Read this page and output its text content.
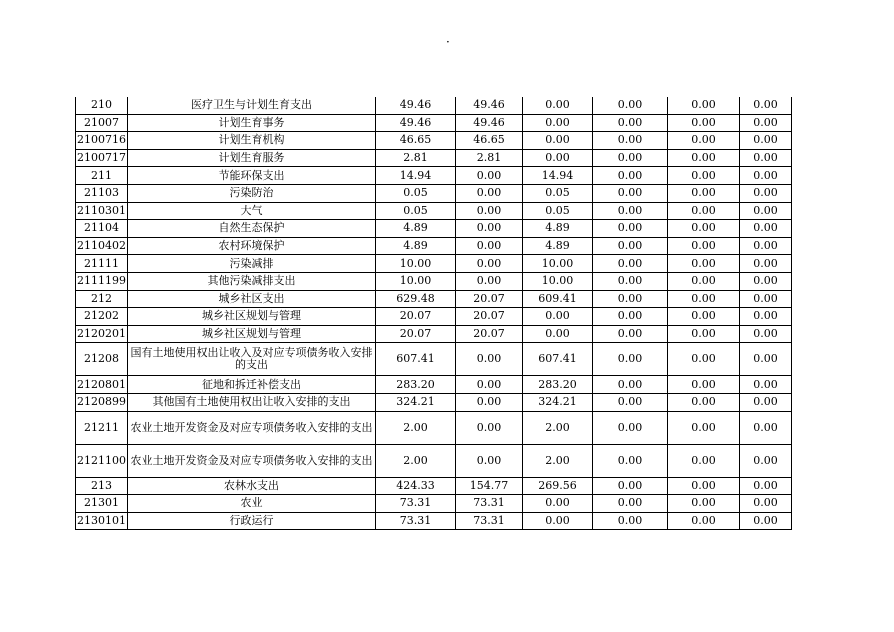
·
210	医疗卫生与计划生育支出	49.46	49.46	0.00	0.00	0.00	0.00
21007	计划生育事务	49.46	49.46	0.00	0.00	0.00	0.00
2100716	计划生育机构	46.65	46.65	0.00	0.00	0.00	0.00
2100717	计划生育服务	2.81	2.81	0.00	0.00	0.00	0.00
211	节能环保支出	14.94	0.00	14.94	0.00	0.00	0.00
21103	污染防治	0.05	0.00	0.05	0.00	0.00	0.00
2110301	大气	0.05	0.00	0.05	0.00	0.00	0.00
21104	自然生态保护	4.89	0.00	4.89	0.00	0.00	0.00
2110402	农村环境保护	4.89	0.00	4.89	0.00	0.00	0.00
21111	污染减排	10.00	0.00	10.00	0.00	0.00	0.00
2111199	其他污染减排支出	10.00	0.00	10.00	0.00	0.00	0.00
212	城乡社区支出	629.48	20.07	609.41	0.00	0.00	0.00
21202	城乡社区规划与管理	20.07	20.07	0.00	0.00	0.00	0.00
2120201	城乡社区规划与管理	20.07	20.07	0.00	0.00	0.00	0.00
21208	国有土地使用权出让收入及对应专项债务收入安排的支出	607.41	0.00	607.41	0.00	0.00	0.00
2120801	征地和拆迁补偿支出	283.20	0.00	283.20	0.00	0.00	0.00
2120899	其他国有土地使用权出让收入安排的支出	324.21	0.00	324.21	0.00	0.00	0.00
21211	农业土地开发资金及对应专项债务收入安排的支出	2.00	0.00	2.00	0.00	0.00	0.00
2121100	农业土地开发资金及对应专项债务收入安排的支出	2.00	0.00	2.00	0.00	0.00	0.00
213	农林水支出	424.33	154.77	269.56	0.00	0.00	0.00
21301	农业	73.31	73.31	0.00	0.00	0.00	0.00
2130101	行政运行	73.31	73.31	0.00	0.00	0.00	0.00
